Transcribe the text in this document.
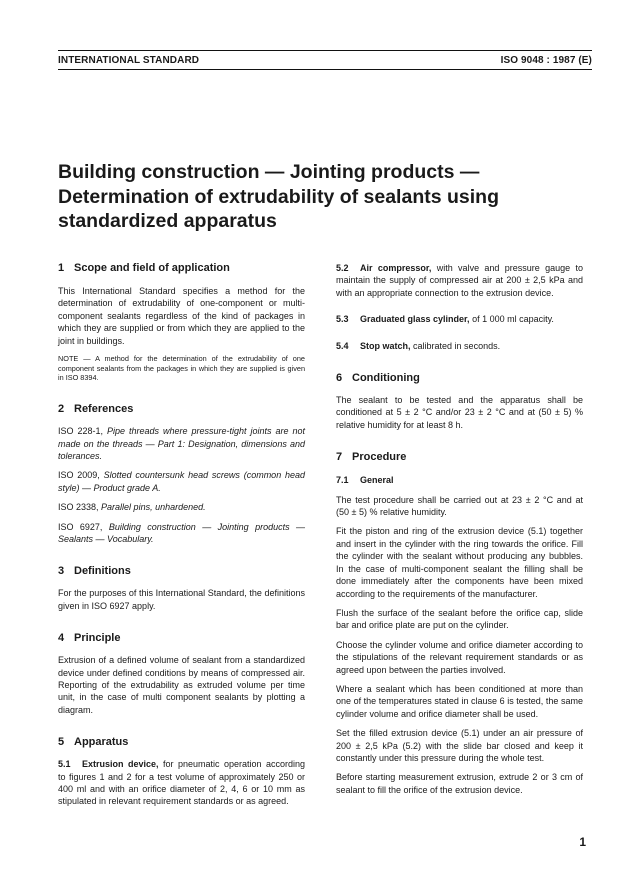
INTERNATIONAL STANDARD	ISO 9048 : 1987 (E)
Building construction — Jointing products — Determination of extrudability of sealants using standardized apparatus
1 Scope and field of application

This International Standard specifies a method for the determination of extrudability of one-component or multi-component sealants regardless of the kind of packages in which they are supplied or from which they are applied to the joint in buildings.

NOTE — A method for the determination of the extrudability of one component sealants from the packages in which they are supplied is given in ISO 8394.

2 References

ISO 228-1, Pipe threads where pressure-tight joints are not made on the threads — Part 1: Designation, dimensions and tolerances.

ISO 2009, Slotted countersunk head screws (common head style) — Product grade A.

ISO 2338, Parallel pins, unhardened.

ISO 6927, Building construction — Jointing products — Sealants — Vocabulary.

3 Definitions

For the purposes of this International Standard, the definitions given in ISO 6927 apply.

4 Principle

Extrusion of a defined volume of sealant from a standardized device under defined conditions by means of compressed air. Reporting of the extrudability as extruded volume per time unit, in the case of multi component sealants by plotting a diagram.

5 Apparatus

5.1 Extrusion device, for pneumatic operation according to figures 1 and 2 for a test volume of approximately 250 or 400 ml and with an orifice diameter of 2, 4, 6 or 10 mm as stipulated in relevant requirement standards or as agreed.

5.2 Air compressor, with valve and pressure gauge to maintain the supply of compressed air at 200 ± 2,5 kPa and with an appropriate connection to the extrusion device.

5.3 Graduated glass cylinder, of 1 000 ml capacity.

5.4 Stop watch, calibrated in seconds.

6 Conditioning

The sealant to be tested and the apparatus shall be conditioned at 5 ± 2 °C and/or 23 ± 2 °C and at (50 ± 5) % relative humidity for at least 8 h.

7 Procedure
7.1 General

The test procedure shall be carried out at 23 ± 2 °C and at (50 ± 5) % relative humidity.

Fit the piston and ring of the extrusion device (5.1) together and insert in the cylinder with the ring towards the orifice. Fill the cylinder with the sealant without producing any bubbles. In the case of multi-component sealant the filling shall be done immediately after the components have been mixed according to the requirements of the manufacturer.

Flush the surface of the sealant before the orifice cap, slide bar and orifice plate are put on the cylinder.

Choose the cylinder volume and orifice diameter according to the stipulations of the relevant requirement standards or as agreed upon between the parties involved.

Where a sealant which has been conditioned at more than one of the temperatures stated in clause 6 is tested, the same cylinder volume and orifice diameter shall be used.

Set the filled extrusion device (5.1) under an air pressure of 200 ± 2,5 kPa (5.2) with the slide bar closed and keep it constantly under this pressure during the whole test.

Before starting measurement extrusion, extrude 2 or 3 cm of sealant to fill the orifice of the extrusion device.

1
